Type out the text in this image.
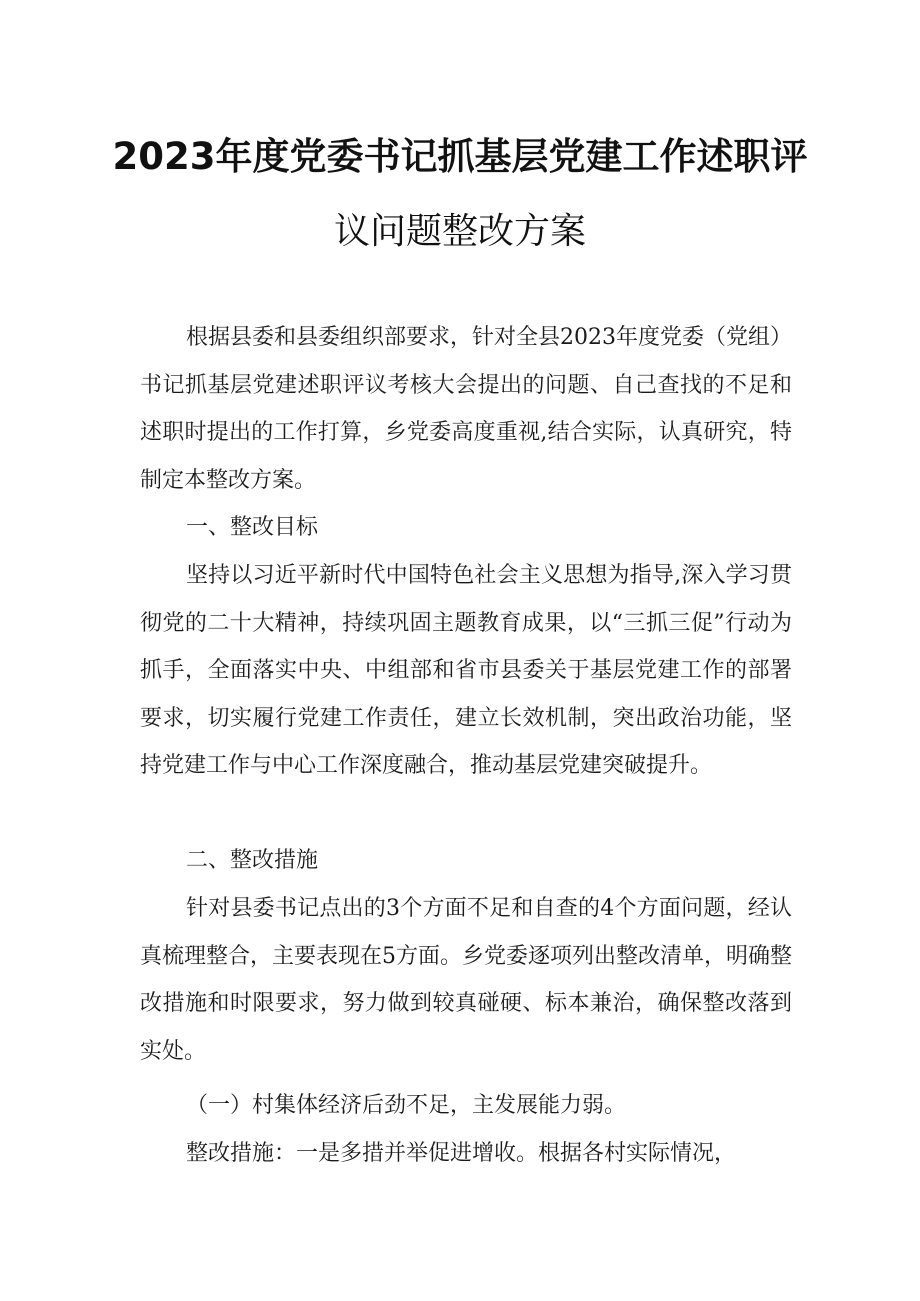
2023年度党委书记抓基层党建工作述职评
议问题整改方案

根据县委和县委组织部要求，针对全县2023年度党委（党组）书记抓基层党建述职评议考核大会提出的问题、自己查找的不足和述职时提出的工作打算，乡党委高度重视,结合实际，认真研究，特制定本整改方案。

一、整改目标

坚持以习近平新时代中国特色社会主义思想为指导,深入学习贯彻党的二十大精神，持续巩固主题教育成果，以“三抓三促”行动为抓手，全面落实中央、中组部和省市县委关于基层党建工作的部署要求，切实履行党建工作责任，建立长效机制，突出政治功能，坚持党建工作与中心工作深度融合，推动基层党建突破提升。

二、整改措施

针对县委书记点出的3个方面不足和自查的4个方面问题，经认真梳理整合，主要表现在5方面。乡党委逐项列出整改清单，明确整改措施和时限要求，努力做到较真碰硬、标本兼治，确保整改落到实处。

（一）村集体经济后劲不足，主发展能力弱。

整改措施：一是多措并举促进增收。根据各村实际情况，
